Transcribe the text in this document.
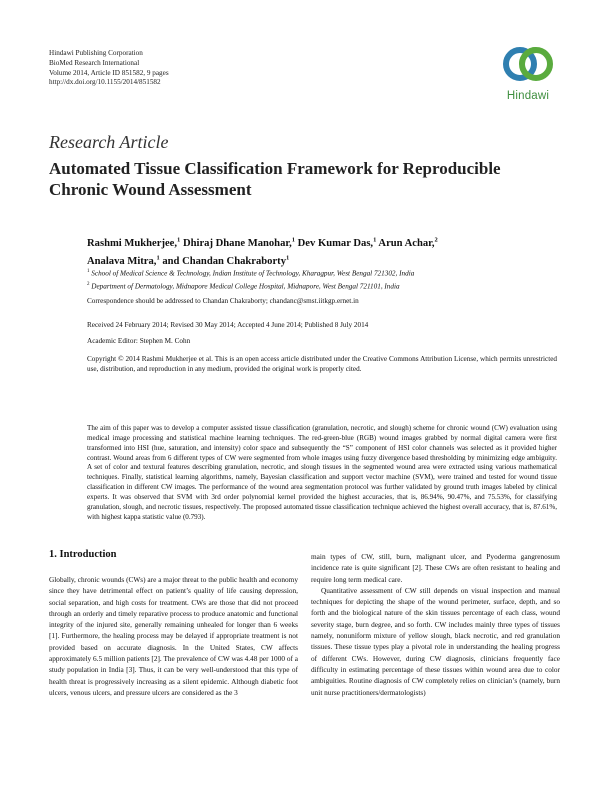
Hindawi Publishing Corporation
BioMed Research International
Volume 2014, Article ID 851582, 9 pages
http://dx.doi.org/10.1155/2014/851582
Hindawi
Research Article
Automated Tissue Classification Framework for Reproducible Chronic Wound Assessment
Rashmi Mukherjee,$^1$ Dhiraj Dhane Manohar,$^1$ Dev Kumar Das,$^1$ Arun Achar,$^2$
Analava Mitra,$^1$ and Chandan Chakraborty$^1$
$^1$ School of Medical Science & Technology, Indian Institute of Technology, Kharagpur, West Bengal 721302, India
$^2$ Department of Dermatology, Midnapore Medical College Hospital, Midnapore, West Bengal 721101, India
Correspondence should be addressed to Chandan Chakraborty; chandanc@smst.iitkgp.ernet.in
Received 24 February 2014; Revised 30 May 2014; Accepted 4 June 2014; Published 8 July 2014
Academic Editor: Stephen M. Cohn
Copyright © 2014 Rashmi Mukherjee et al. This is an open access article distributed under the Creative Commons Attribution License, which permits unrestricted use, distribution, and reproduction in any medium, provided the original work is properly cited.
The aim of this paper was to develop a computer assisted tissue classification (granulation, necrotic, and slough) scheme for chronic wound (CW) evaluation using medical image processing and statistical machine learning techniques. The red-green-blue (RGB) wound images grabbed by normal digital camera were first transformed into HSI (hue, saturation, and intensity) color space and subsequently the “S” component of HSI color channels was selected as it provided higher contrast. Wound areas from 6 different types of CW were segmented from whole images using fuzzy divergence based thresholding by minimizing edge ambiguity. A set of color and textural features describing granulation, necrotic, and slough tissues in the segmented wound area were extracted using various mathematical techniques. Finally, statistical learning algorithms, namely, Bayesian classification and support vector machine (SVM), were trained and tested for wound tissue classification in different CW images. The performance of the wound area segmentation protocol was further validated by ground truth images labeled by clinical experts. It was observed that SVM with 3rd order polynomial kernel provided the highest accuracies, that is, 86.94%, 90.47%, and 75.53%, for classifying granulation, slough, and necrotic tissues, respectively. The proposed automated tissue classification technique achieved the highest overall accuracy, that is, 87.61%, with highest kappa statistic value (0.793).
1. Introduction

Globally, chronic wounds (CWs) are a major threat to the public health and economy since they have detrimental effect on patient’s quality of life causing depression, social separation, and high costs for treatment. CWs are those that did not proceed through an orderly and timely reparative process to produce anatomic and functional integrity of the injured site, generally remaining unhealed for longer than 6 weeks [1]. Furthermore, the healing process may be delayed if appropriate treatment is not provided based on accurate diagnosis. In the United States, CW affects approximately 6.5 million patients [2]. The prevalence of CW was 4.48 per 1000 of a study population in India [3]. Thus, it can be very well-understood that this type of health threat is progressively increasing as a silent epidemic. Although diabetic foot ulcers, venous ulcers, and pressure ulcers are considered as the 3

main types of CW, still, burn, malignant ulcer, and Pyoderma gangrenosum incidence rate is quite significant [2]. These CWs are often resistant to healing and require long term medical care.

Quantitative assessment of CW still depends on visual inspection and manual techniques for depicting the shape of the wound perimeter, surface, depth, and so forth and the biological nature of the skin tissues percentage of each class, wound severity stage, burn degree, and so forth. CW includes mainly three types of tissues namely, nonuniform mixture of yellow slough, black necrotic, and red granulation tissues. These tissue types play a pivotal role in understanding the healing progress of different CWs. However, during CW diagnosis, clinicians frequently face difficulty in estimating percentage of these tissues within wound area due to color ambiguities. Routine diagnosis of CW completely relies on clinician’s (namely, burn unit nurse practitioners/dermatologists)
